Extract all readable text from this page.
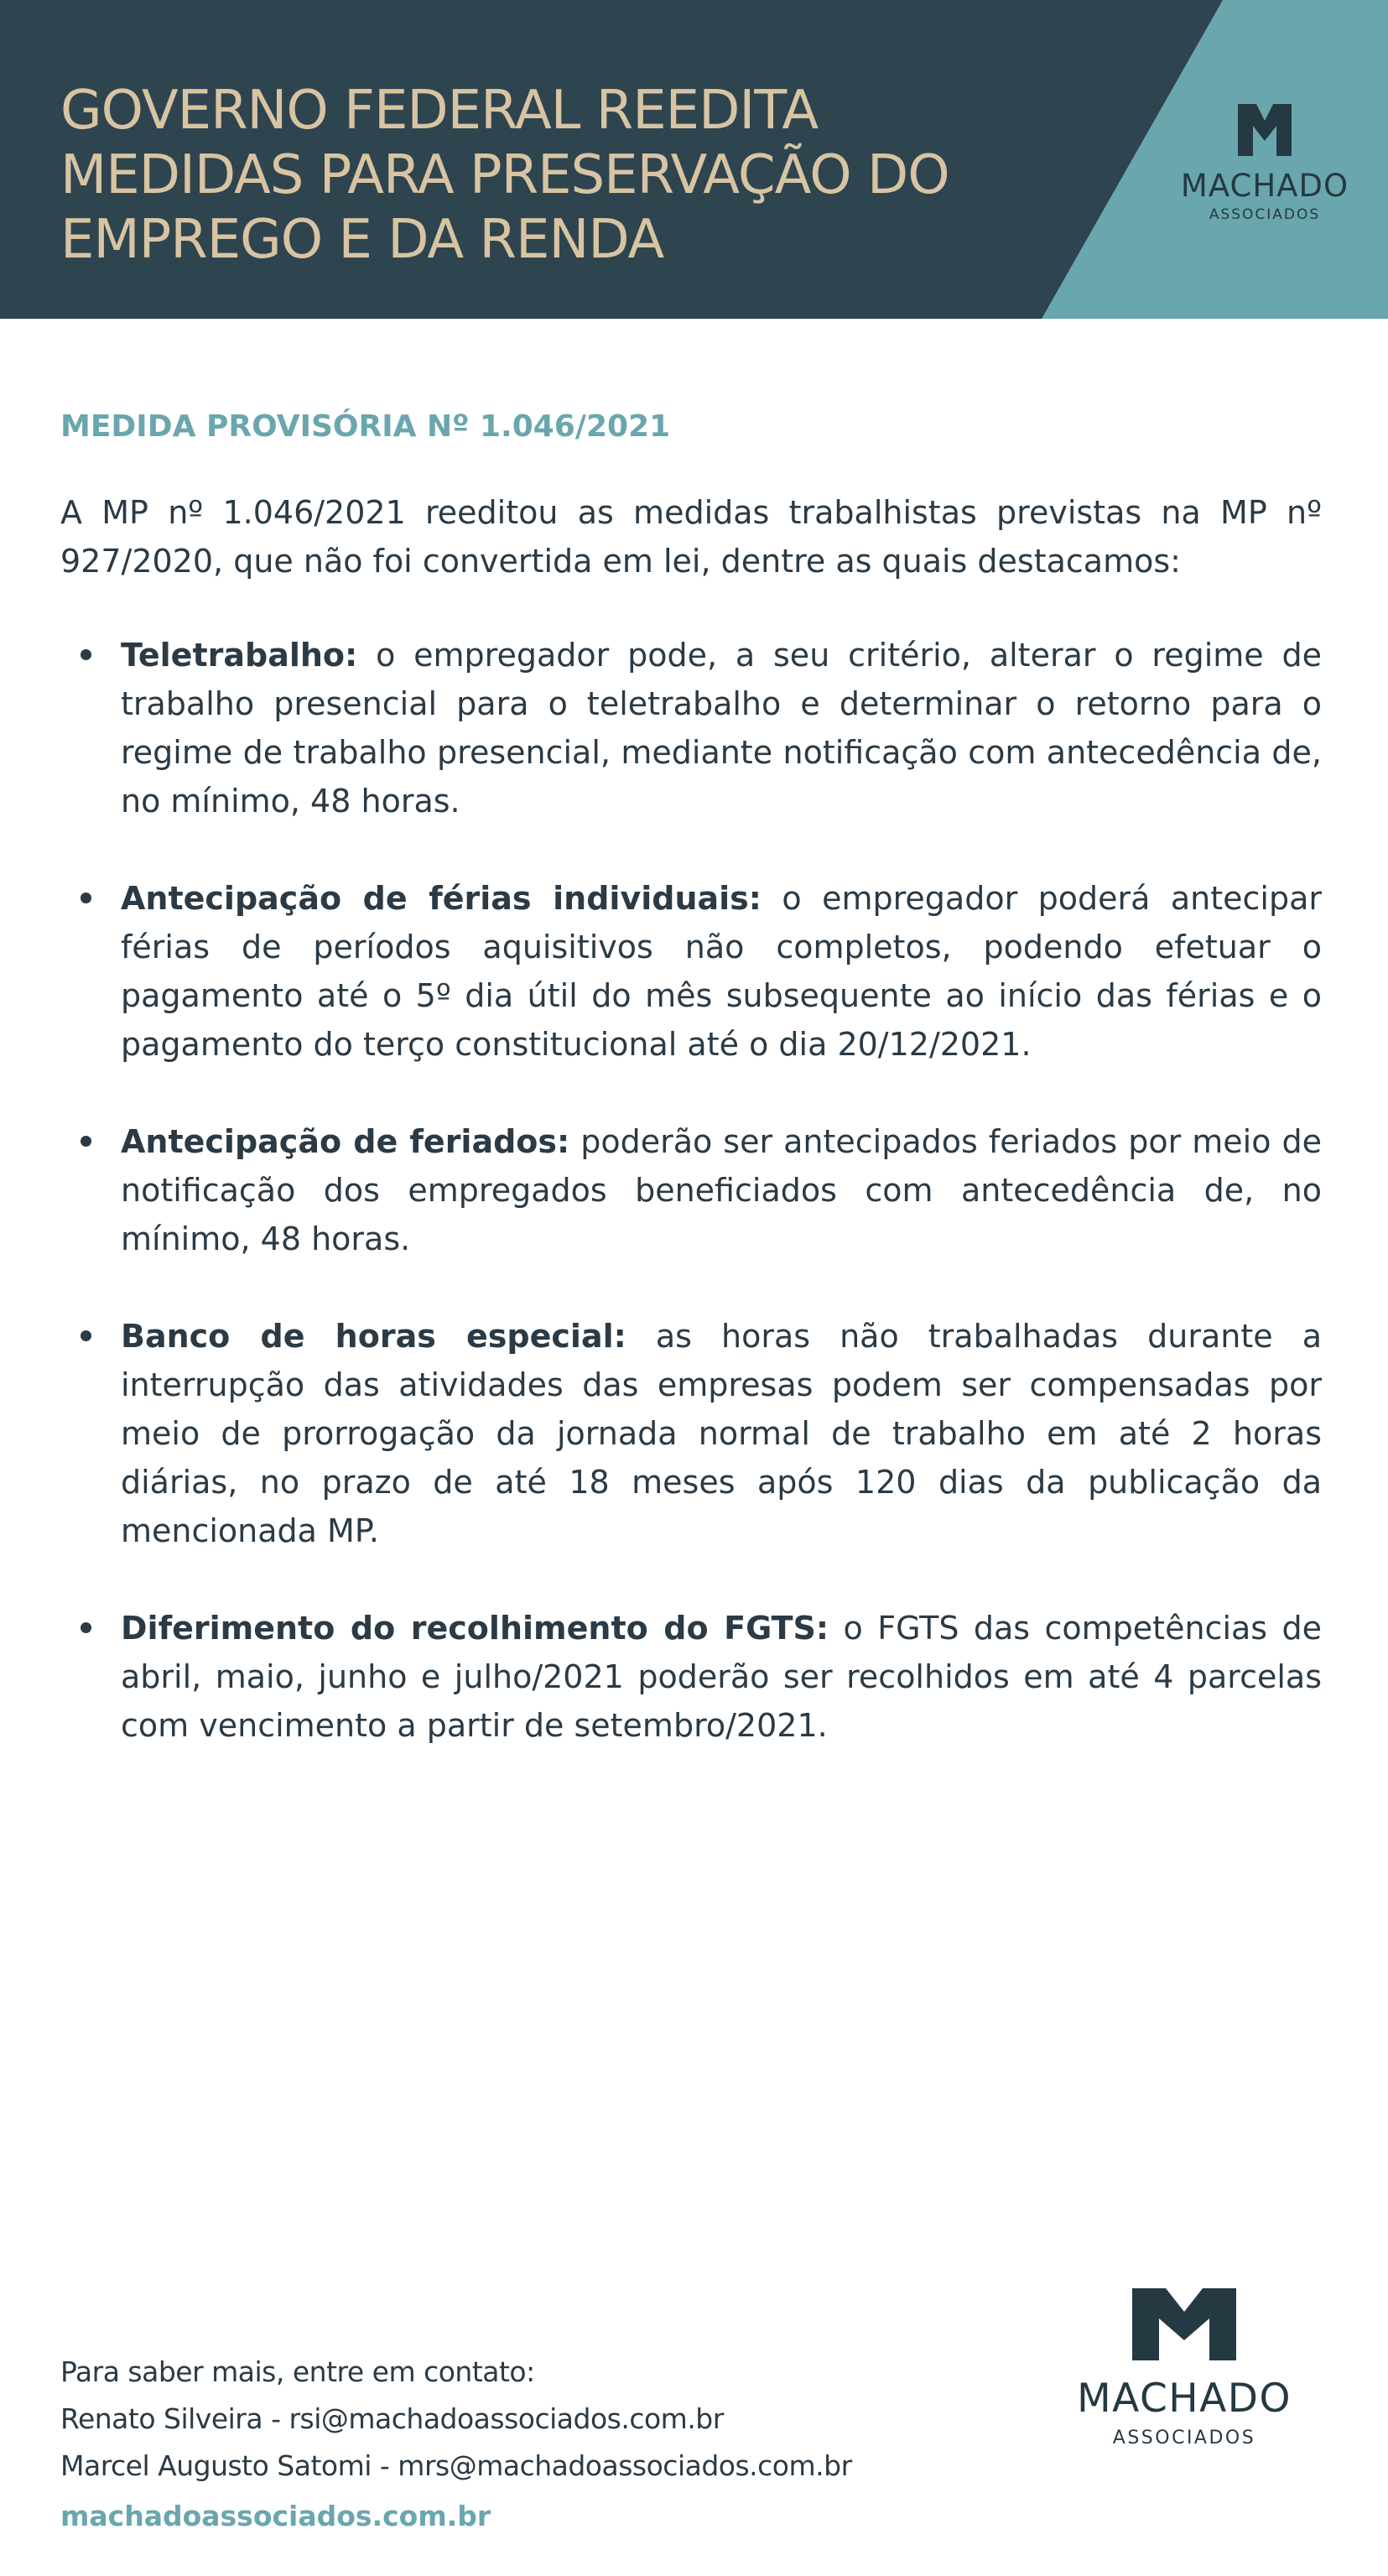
GOVERNO FEDERAL REEDITA
MEDIDAS PARA PRESERVAÇÃO DO
EMPREGO E DA RENDA
MACHADO
ASSOCIADOS
MEDIDA PROVISÓRIA Nº 1.046/2021

A MP nº 1.046/2021 reeditou as medidas trabalhistas previstas na MP nº 927/2020, que não foi convertida em lei, dentre as quais destacamos:

Teletrabalho: o empregador pode, a seu critério, alterar o regime de trabalho presencial para o teletrabalho e determinar o retorno para o regime de trabalho presencial, mediante notificação com antecedência de, no mínimo, 48 horas.
Antecipação de férias individuais: o empregador poderá antecipar férias de períodos aquisitivos não completos, podendo efetuar o pagamento até o 5º dia útil do mês subsequente ao início das férias e o pagamento do terço constitucional até o dia 20/12/2021.
Antecipação de feriados: poderão ser antecipados feriados por meio de notificação dos empregados beneficiados com antecedência de, no mínimo, 48 horas.
Banco de horas especial: as horas não trabalhadas durante a interrupção das atividades das empresas podem ser compensadas por meio de prorrogação da jornada normal de trabalho em até 2 horas diárias, no prazo de até 18 meses após 120 dias da publicação da mencionada MP.
Diferimento do recolhimento do FGTS: o FGTS das competências de abril, maio, junho e julho/2021 poderão ser recolhidos em até 4 parcelas com vencimento a partir de setembro/2021.
Para saber mais, entre em contato:
Renato Silveira - rsi@machadoassociados.com.br
Marcel Augusto Satomi - mrs@machadoassociados.com.br
machadoassociados.com.br
MACHADO
ASSOCIADOS
